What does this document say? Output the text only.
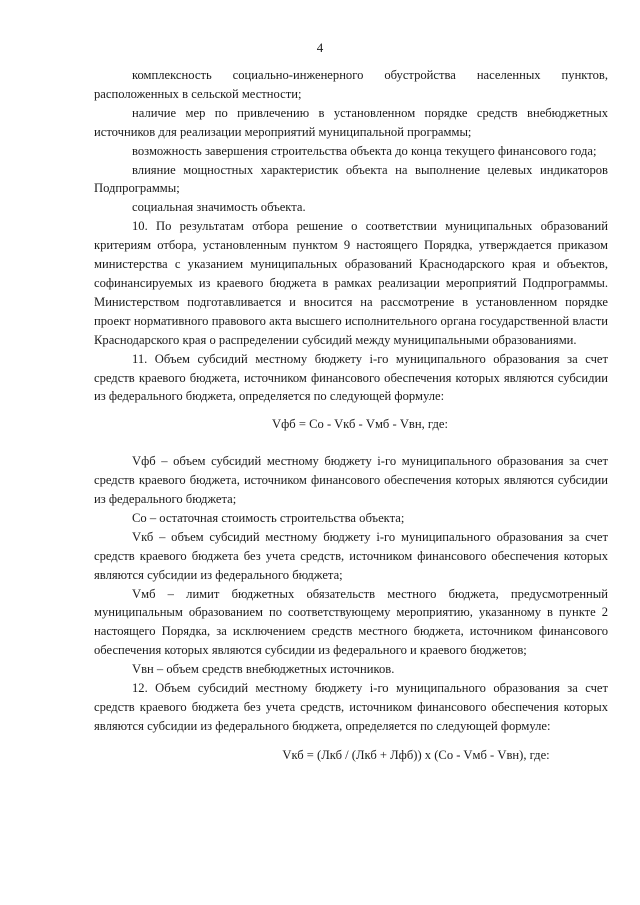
4

комплексность социально-инженерного обустройства населенных пунктов, расположенных в сельской местности;

наличие мер по привлечению в установленном порядке средств внебюджетных источников для реализации мероприятий муниципальной программы;

возможность завершения строительства объекта до конца текущего финансового года;

влияние мощностных характеристик объекта на выполнение целевых индикаторов Подпрограммы;

социальная значимость объекта.

10. По результатам отбора решение о соответствии муниципальных образований критериям отбора, установленным пунктом 9 настоящего Порядка, утверждается приказом министерства с указанием муниципальных образований Краснодарского края и объектов, софинансируемых из краевого бюджета в рамках реализации мероприятий Подпрограммы. Министерством подготавливается и вносится на рассмотрение в установленном порядке проект нормативного правового акта высшего исполнительного органа государственной власти Краснодарского края о распределении субсидий между муниципальными образованиями.

11. Объем субсидий местному бюджету i-го муниципального образования за счет средств краевого бюджета, источником финансового обеспечения которых являются субсидии из федерального бюджета, определяется по следующей формуле:

Vфб = Co - Vкб - Vмб - Vвн, где:

Vфб – объем субсидий местному бюджету i-го муниципального образования за счет средств краевого бюджета, источником финансового обеспечения которых являются субсидии из федерального бюджета;

Co – остаточная стоимость строительства объекта;

Vкб – объем субсидий местному бюджету i-го муниципального образования за счет средств краевого бюджета без учета средств, источником финансового обеспечения которых являются субсидии из федерального бюджета;

Vмб – лимит бюджетных обязательств местного бюджета, предусмотренный муниципальным образованием по соответствующему мероприятию, указанному в пункте 2 настоящего Порядка, за исключением средств местного бюджета, источником финансового обеспечения которых являются субсидии из федерального и краевого бюджетов;

Vвн – объем средств внебюджетных источников.

12. Объем субсидий местному бюджету i-го муниципального образования за счет средств краевого бюджета без учета средств, источником финансового обеспечения которых являются субсидии из федерального бюджета, определяется по следующей формуле:

Vкб = (Лкб / (Лкб + Лфб)) x (Co - Vмб - Vвн), где:
